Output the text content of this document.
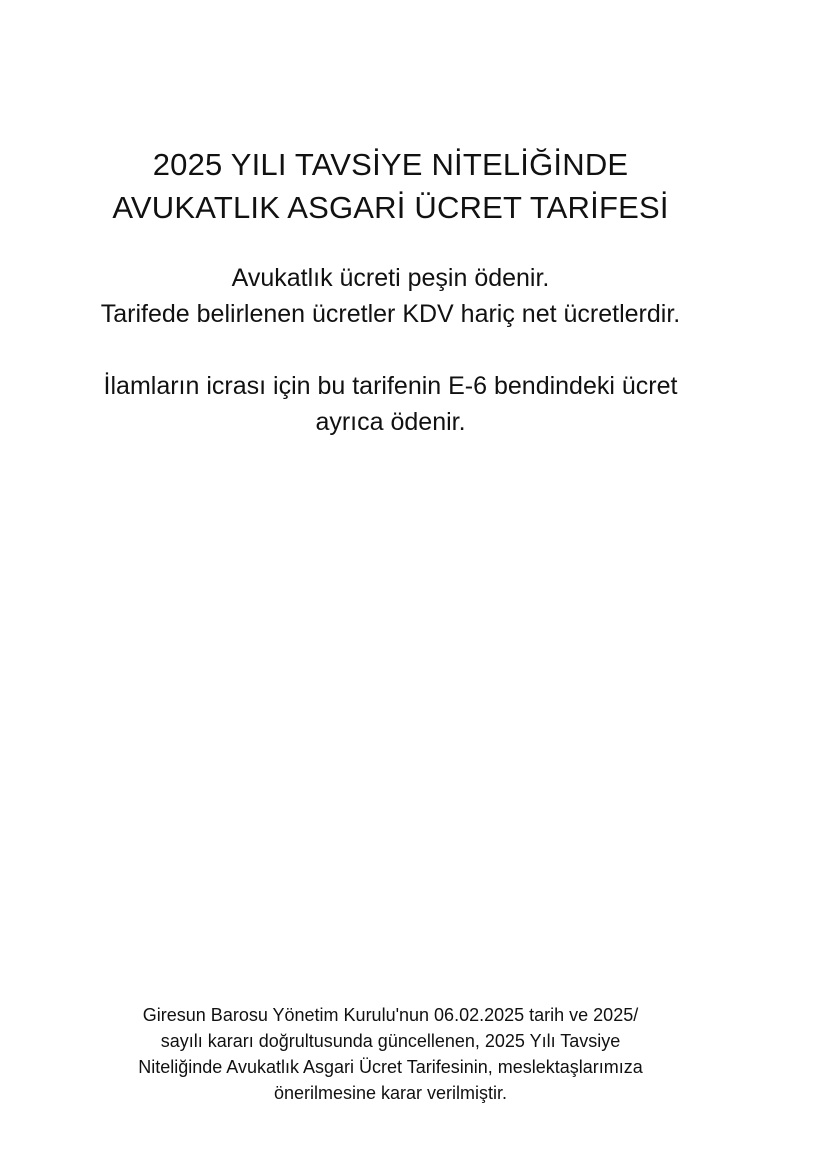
2025 YILI TAVSİYE NİTELİĞİNDE
AVUKATLIK ASGARİ ÜCRET TARİFESİ
Avukatlık ücreti peşin ödenir.
Tarifede belirlenen ücretler KDV hariç net ücretlerdir.
İlamların icrası için bu tarifenin E-6 bendindeki ücret
ayrıca ödenir.
Giresun Barosu Yönetim Kurulu'nun 06.02.2025 tarih ve 2025/
sayılı kararı doğrultusunda güncellenen, 2025 Yılı Tavsiye
Niteliğinde Avukatlık Asgari Ücret Tarifesinin, meslektaşlarımıza
önerilmesine karar verilmiştir.
